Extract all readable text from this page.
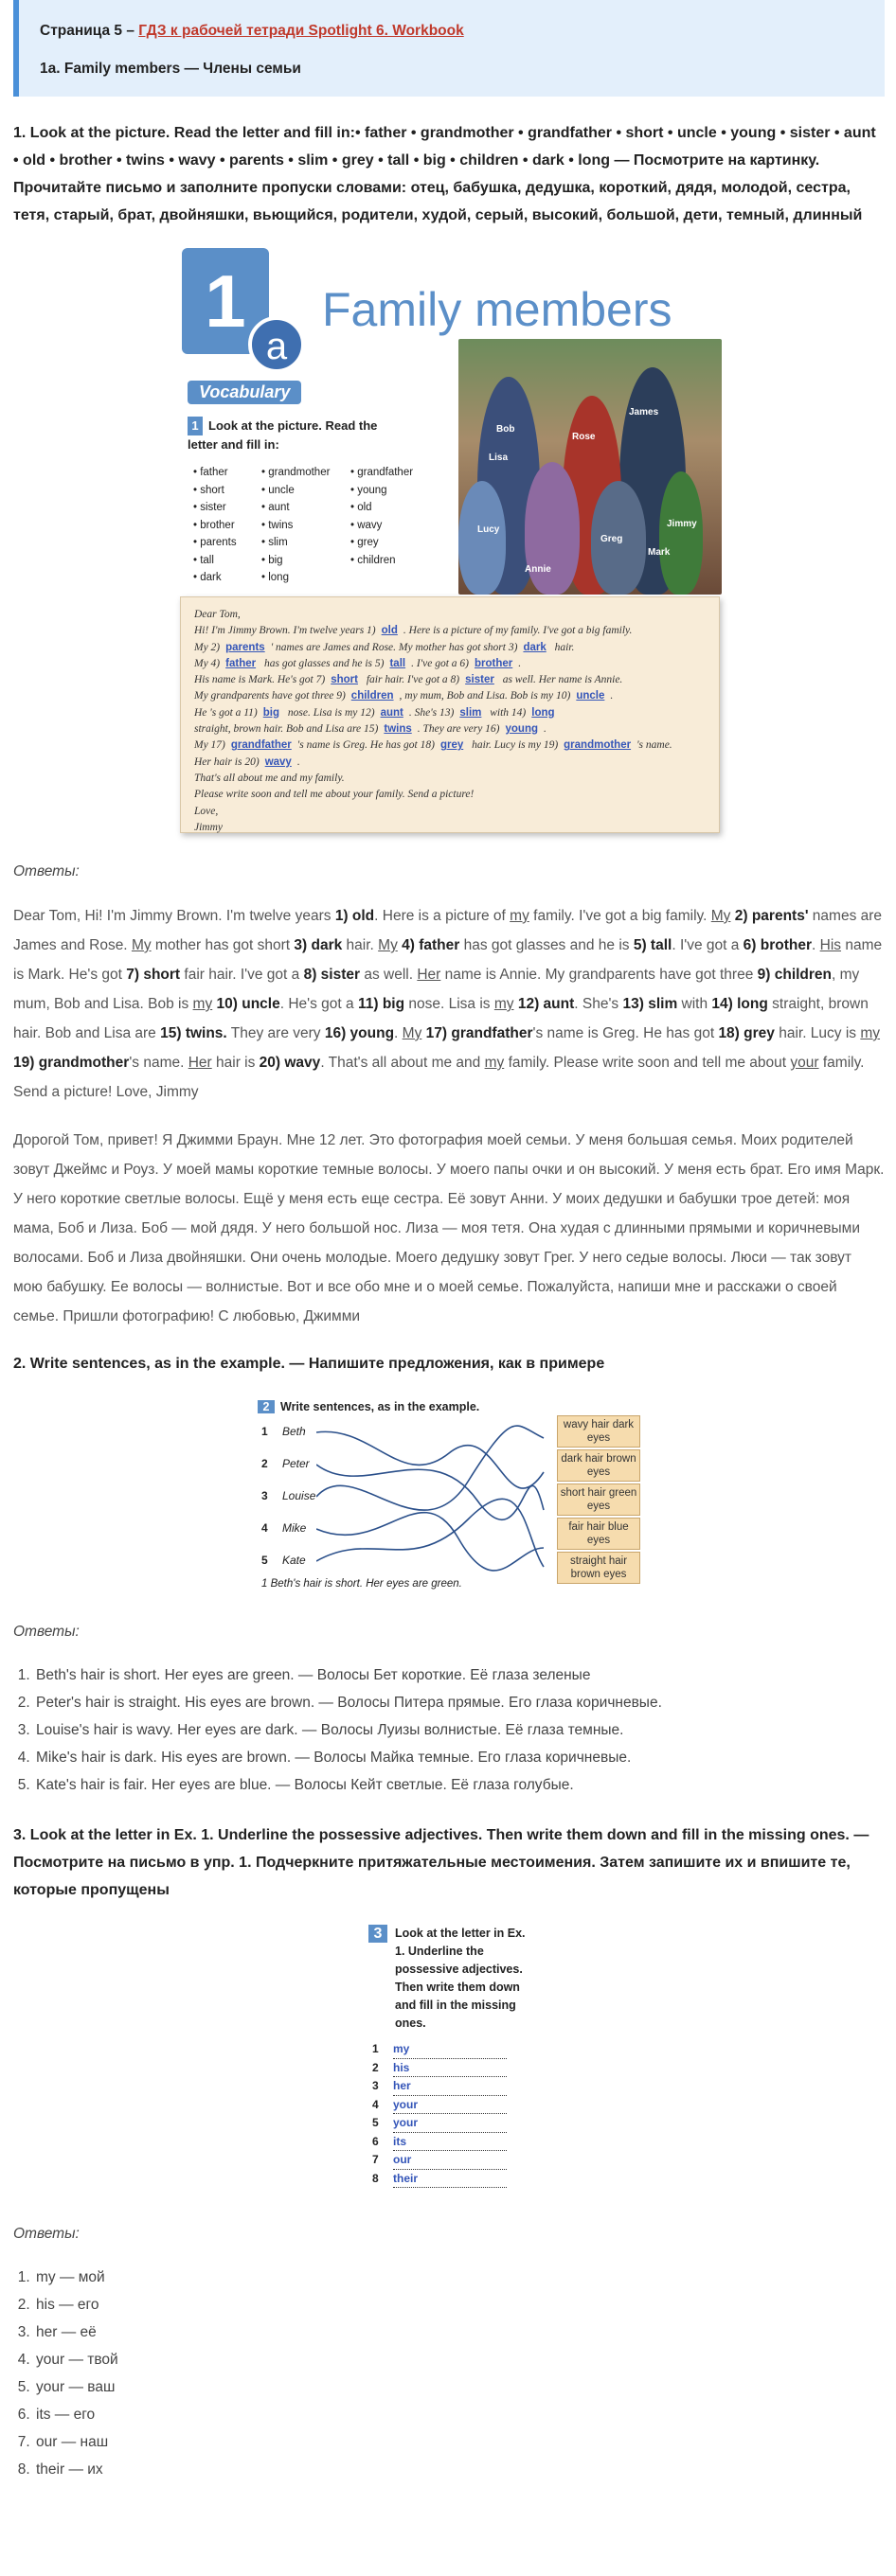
Страница 5 – ГДЗ к рабочей тетради Spotlight 6. Workbook
1a. Family members — Члены семьи
1. Look at the picture. Read the letter and fill in:• father • grandmother • grandfather • short • uncle • young • sister • aunt • old • brother • twins • wavy • parents • slim • grey • tall • big • children • dark • long — Посмотрите на картинку. Прочитайте письмо и заполните пропуски словами: отец, бабушка, дедушка, короткий, дядя, молодой, сестра, тетя, старый, брат, двойняшки, вьющийся, родители, худой, серый, высокий, большой, дети, темный, длинный
1
a
Family members
Vocabulary
1 Look at the picture. Read the letter and fill in:
• father	• grandmother	• grandfather
• short	• uncle	• young
• sister	• aunt	• old
• brother	• twins	• wavy
• parents	• slim	• grey
• tall	• big	• children
• dark	• long
James
Rose
Bob
Lisa
Lucy
Annie
Greg
Jimmy
Mark
Dear Tom,
Hi! I'm Jimmy Brown. I'm twelve years 1) old . Here is a picture of my family. I've got a big family.
My 2) parents ' names are James and Rose. My mother has got short 3) dark hair.
My 4) father has got glasses and he is 5) tall . I've got a 6) brother .
His name is Mark. He's got 7) short fair hair. I've got a 8) sister as well. Her name is Annie.
My grandparents have got three 9) children , my mum, Bob and Lisa. Bob is my 10) uncle .
He 's got a 11) big nose. Lisa is my 12) aunt . She's 13) slim with 14) long
straight, brown hair. Bob and Lisa are 15) twins . They are very 16) young .
My 17) grandfather 's name is Greg. He has got 18) grey hair. Lucy is my 19) grandmother 's name.
Her hair is 20) wavy .
That's all about me and my family.
Please write soon and tell me about your family. Send a picture!
Love,
Jimmy
Ответы:

Dear Tom, Hi! I'm Jimmy Brown. I'm twelve years 1) old. Here is a picture of my family. I've got a big family. My 2) parents' names are James and Rose. My mother has got short 3) dark hair. My 4) father has got glasses and he is 5) tall. I've got a 6) brother. His name is Mark. He's got 7) short fair hair. I've got a 8) sister as well. Her name is Annie. My grandparents have got three 9) children, my mum, Bob and Lisa. Bob is my 10) uncle. He's got a 11) big nose. Lisa is my 12) aunt. She's 13) slim with 14) long straight, brown hair. Bob and Lisa are 15) twins. They are very 16) young. My 17) grandfather's name is Greg. He has got 18) grey hair. Lucy is my 19) grandmother's name. Her hair is 20) wavy. That's all about me and my family. Please write soon and tell me about your family. Send a picture! Love, Jimmy

Дорогой Том, привет! Я Джимми Браун. Мне 12 лет. Это фотография моей семьи. У меня большая семья. Моих родителей зовут Джеймс и Роуз. У моей мамы короткие темные волосы. У моего папы очки и он высокий. У меня есть брат. Его имя Марк. У него короткие светлые волосы. Ещё у меня есть еще сестра. Её зовут Анни. У моих дедушки и бабушки трое детей: моя мама, Боб и Лиза. Боб — мой дядя. У него большой нос. Лиза — моя тетя. Она худая с длинными прямыми и коричневыми волосами. Боб и Лиза двойняшки. Они очень молодые. Моего дедушку зовут Грег. У него седые волосы. Люси — так зовут мою бабушку. Ее волосы — волнистые. Вот и все обо мне и о моей семье. Пожалуйста, напиши мне и расскажи о своей семье. Пришли фотографию! С любовью, Джимми

2. Write sentences, as in the example. — Напишите предложения, как в примере
2 Write sentences, as in the example.
1 Beth
2 Peter
3 Louise
4 Mike
5 Kate
wavy hair dark eyes
dark hair brown eyes
short hair green eyes
fair hair blue eyes
straight hair brown eyes
1 Beth's hair is short. Her eyes are green.
Ответы:
1. Beth's hair is short. Her eyes are green. — Волосы Бет короткие. Её глаза зеленые
2. Peter's hair is straight. His eyes are brown. — Волосы Питера прямые. Его глаза коричневые.
3. Louise's hair is wavy. Her eyes are dark. — Волосы Луизы волнистые. Её глаза темные.
4. Mike's hair is dark. His eyes are brown. — Волосы Майка темные. Его глаза коричневые.
5. Kate's hair is fair. Her eyes are blue. — Волосы Кейт светлые. Её глаза голубые.
3. Look at the letter in Ex. 1. Underline the possessive adjectives. Then write them down and fill in the missing ones. — Посмотрите на письмо в упр. 1. Подчеркните притяжательные местоимения. Затем запишите их и впишите те, которые пропущены
3	Look at the letter in Ex. 1. Underline the possessive adjectives. Then write them down and fill in the missing ones.
1 my
2 his
3 her
4 your
5 your
6 its
7 our
8 their
Ответы:
1. my — мой
2. his — его
3. her — её
4. your — твой
5. your — ваш
6. its — его
7. our — наш
8. their — их
